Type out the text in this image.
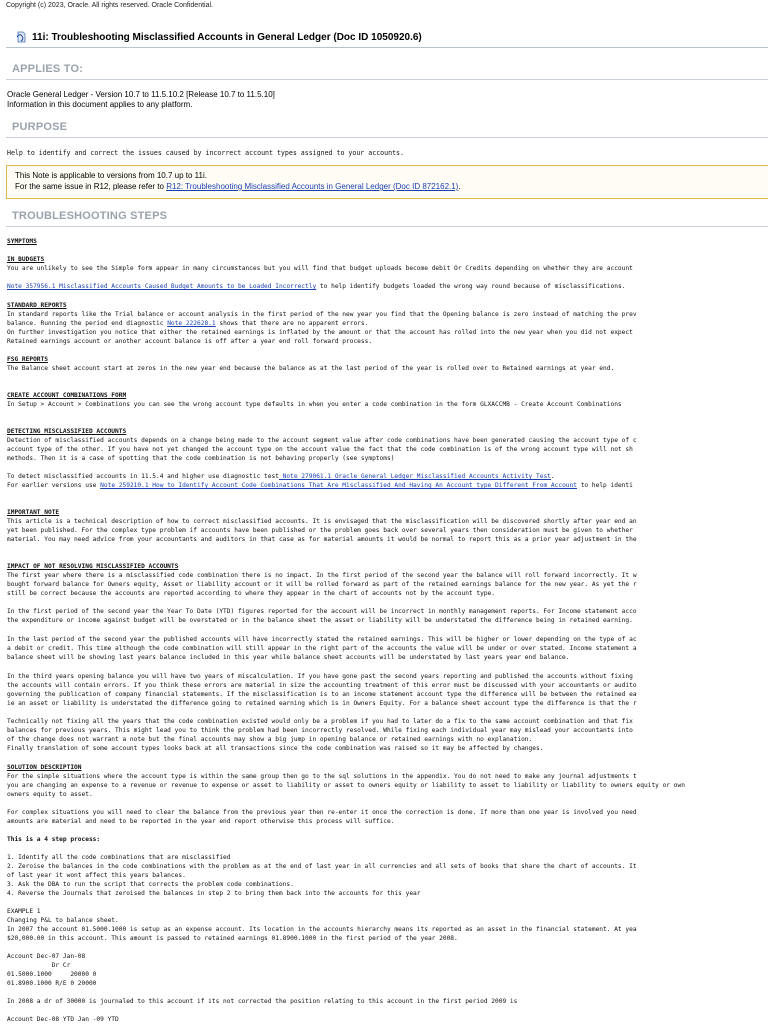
Copyright (c) 2023, Oracle. All rights reserved. Oracle Confidential.
11i: Troubleshooting Misclassified Accounts in General Ledger (Doc ID 1050920.6)
APPLIES TO:
Oracle General Ledger - Version 10.7 to 11.5.10.2 [Release 10.7 to 11.5.10]
Information in this document applies to any platform.
PURPOSE
Help to identify and correct the issues caused by incorrect account types assigned to your accounts.
This Note is applicable to versions from 10.7 up to 11i.
For the same issue in R12, please refer to R12: Troubleshooting Misclassified Accounts in General Ledger (Doc ID 872162.1).
TROUBLESHOOTING STEPS
SYMPTOMS
IN BUDGETS
You are unlikely to see the Simple form appear in many circumstances but you will find that budget uploads become debit Or Credits depending on whether they are account
Note 357956.1 Misclassified Accounts Caused Budget Amounts to be Loaded Incorrectly to help identify budgets loaded the wrong way round because of misclassifications.
STANDARD REPORTS
In standard reports like the Trial balance or account analysis in the first period of the new year you find that the Opening balance is zero instead of matching the prev
balance. Running the period end diagnostic Note 222628.1 shows that there are no apparent errors.
On further investigation you notice that either the retained earnings is inflated by the amount or that the account has rolled into the new year when you did not expect
Retained earnings account or another account balance is off after a year end roll forward process.
FSG REPORTS
The Balance sheet account start at zeros in the new year end because the balance as at the last period of the year is rolled over to Retained earnings at year end.
CREATE ACCOUNT COMBINATIONS FORM
In Setup > Account > Combinations you can see the wrong account type defaults in when you enter a code combination in the form GLXACCMB - Create Account Combinations
DETECTING MISCLASSIFIED ACCOUNTS
Detection of misclassified accounts depends on a change being made to the account segment value after code combinations have been generated causing the account type of c
account type of the other. If you have not yet changed the account type on the account value the fact that the code combination is of the wrong account type will not sh
methods. Then it is a case of spotting that the code combination is not behaving properly (see symptoms)
To detect misclassified accounts in 11.5.4 and higher use diagnostic test Note 279061.1 Oracle General Ledger Misclassified Accounts Activity Test.
For earlier versions use Note 259210.1 How to Identify Account Code Combinations That Are Misclassified And Having An Account type Different From Account to help identi
IMPORTANT NOTE
This article is a technical description of how to correct misclassified accounts. It is envisaged that the misclassification will be discovered shortly after year end an
yet been published. For the complex type problem if accounts have been published or the problem goes back over several years then consideration must be given to whether
material. You may need advice from your accountants and auditors in that case as for material amounts it would be normal to report this as a prior year adjustment in the
IMPACT OF NOT RESOLVING MISCLASSIFIED ACCOUNTS
The first year where there is a misclassified code combination there is no impact. In the first period of the second year the balance will roll forward incorrectly. It w
bought forward balance for Owners equity, Asset or liability account or it will be rolled forward as part of the retained earnings balance for the new year. As yet the r
still be correct because the accounts are reported according to where they appear in the chart of accounts not by the account type.
In the first period of the second year the Year To Date (YTD) figures reported for the account will be incorrect in monthly management reports. For Income statement acco
the expenditure or income against budget will be overstated or in the balance sheet the asset or liability will be understated the difference being in retained earning.
In the last period of the second year the published accounts will have incorrectly stated the retained earnings. This will be higher or lower depending on the type of ac
a debit or credit. This time although the code combination will still appear in the right part of the accounts the value will be under or over stated. Income statement a
balance sheet will be showing last years balance included in this year while balance sheet accounts will be understated by last years year end balance.
In the third years opening balance you will have two years of miscalculation. If you have gone past the second years reporting and published the accounts without fixing
the accounts will contain errors. If you think these errors are material in size the accounting treatment of this error must be discussed with your accountants or audito
governing the publication of company financial statements. If the misclassification is to an income statement account type the difference will be between the retained ea
ie an asset or liability is understated the difference going to retained earning which is in Owners Equity. For a balance sheet account type the difference is that the r
Technically not fixing all the years that the code combination existed would only be a problem if you had to later do a fix to the same account combination and that fix
balances for previous years. This might lead you to think the problem had been incorrectly resolved. While fixing each individual year may mislead your accountants into
of the change does not warrant a note but the final accounts may show a big jump in opening balance or retained earnings with no explanation.
Finally translation of some account types looks back at all transactions since the code combination was raised so it may be affected by changes.
SOLUTION DESCRIPTION
For the simple situations where the account type is within the same group then go to the sql solutions in the appendix. You do not need to make any journal adjustments t
you are changing an expense to a revenue or revenue to expense or asset to liability or asset to owners equity or liability to asset to liability or liability to owners equity or own
owners equity to asset.
For complex situations you will need to clear the balance from the previous year then re-enter it once the correction is done. If more than one year is involved you need
amounts are material and need to be reported in the year end report otherwise this process will suffice.
This is a 4 step process:
1. Identify all the code combinations that are misclassified
2. Zeroise the balances in the code combinations with the problem as at the end of last year in all currencies and all sets of books that share the chart of accounts. It
of last year it wont affect this years balances.
3. Ask the DBA to run the script that corrects the problem code combinations.
4. Reverse the Journals that zeroised the balances in step 2 to bring them back into the accounts for this year
EXAMPLE 1
Changing P&L to balance sheet.
In 2007 the account 01.5000.1000 is setup as an expense account. Its location in the accounts hierarchy means its reported as an asset in the financial statement. At yea
$20,000.00 in this account. This amount is passed to retained earnings 01.8900.1000 in the first period of the year 2008.
Account Dec-07 Jan-08
Dr Cr
01.5000.1000     20000 0
01.8900.1000 R/E 0 20000
In 2008 a dr of 30000 is journaled to this account if its not corrected the position relating to this account in the first period 2009 is
Account Dec-08 YTD Jan -09 YTD
